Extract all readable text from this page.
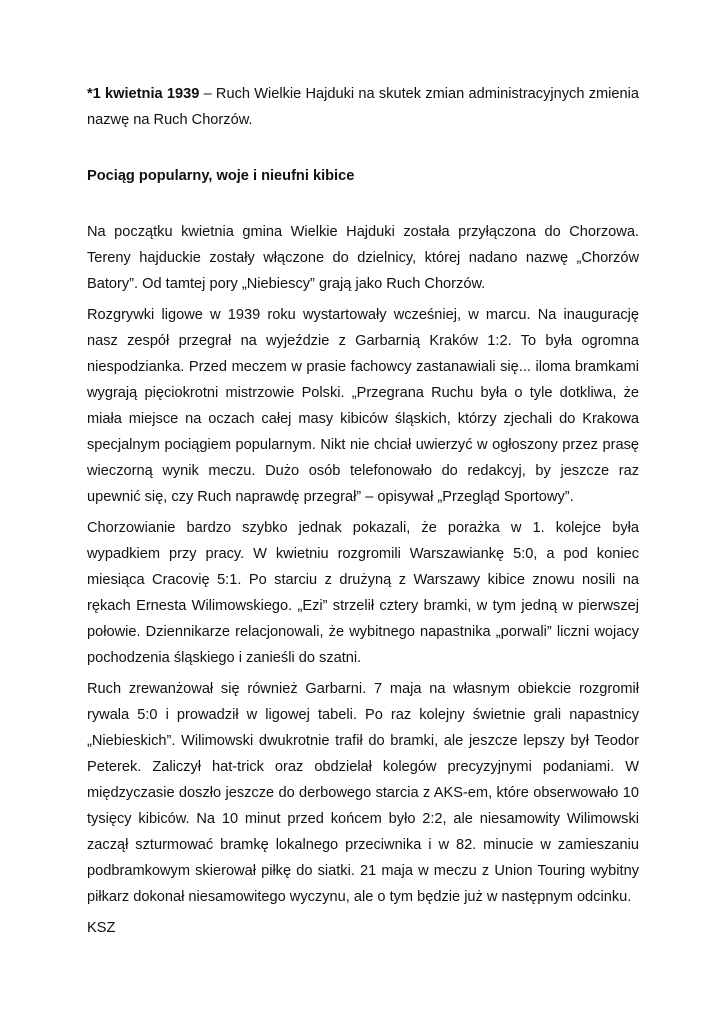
*1 kwietnia 1939 – Ruch Wielkie Hajduki na skutek zmian administracyjnych zmienia nazwę na Ruch Chorzów.

Pociąg popularny, woje i nieufni kibice

Na początku kwietnia gmina Wielkie Hajduki została przyłączona do Chorzowa. Tereny hajduckie zostały włączone do dzielnicy, której nadano nazwę „Chorzów Batory”. Od tamtej pory „Niebiescy” grają jako Ruch Chorzów.

Rozgrywki ligowe w 1939 roku wystartowały wcześniej, w marcu. Na inaugurację nasz zespół przegrał na wyjeździe z Garbarnią Kraków 1:2. To była ogromna niespodzianka. Przed meczem w prasie fachowcy zastanawiali się... iloma bramkami wygrają pięciokrotni mistrzowie Polski. „Przegrana Ruchu była o tyle dotkliwa, że miała miejsce na oczach całej masy kibiców śląskich, którzy zjechali do Krakowa specjalnym pociągiem popularnym. Nikt nie chciał uwierzyć w ogłoszony przez prasę wieczorną wynik meczu. Dużo osób telefonowało do redakcyj, by jeszcze raz upewnić się, czy Ruch naprawdę przegrał” – opisywał „Przegląd Sportowy”.

Chorzowianie bardzo szybko jednak pokazali, że porażka w 1. kolejce była wypadkiem przy pracy. W kwietniu rozgromili Warszawiankę 5:0, a pod koniec miesiąca Cracovię 5:1. Po starciu z drużyną z Warszawy kibice znowu nosili na rękach Ernesta Wilimowskiego. „Ezi” strzelił cztery bramki, w tym jedną w pierwszej połowie. Dziennikarze relacjonowali, że wybitnego napastnika „porwali” liczni wojacy pochodzenia śląskiego i zanieśli do szatni.

Ruch zrewanżował się również Garbarni. 7 maja na własnym obiekcie rozgromił rywala 5:0 i prowadził w ligowej tabeli. Po raz kolejny świetnie grali napastnicy „Niebieskich”. Wilimowski dwukrotnie trafił do bramki, ale jeszcze lepszy był Teodor Peterek. Zaliczył hat-trick oraz obdzielał kolegów precyzyjnymi podaniami. W międzyczasie doszło jeszcze do derbowego starcia z AKS-em, które obserwowało 10 tysięcy kibiców. Na 10 minut przed końcem było 2:2, ale niesamowity Wilimowski zaczął szturmować bramkę lokalnego przeciwnika i w 82. minucie w zamieszaniu podbramkowym skierował piłkę do siatki. 21 maja w meczu z Union Touring wybitny piłkarz dokonał niesamowitego wyczynu, ale o tym będzie już w następnym odcinku.

KSZ
